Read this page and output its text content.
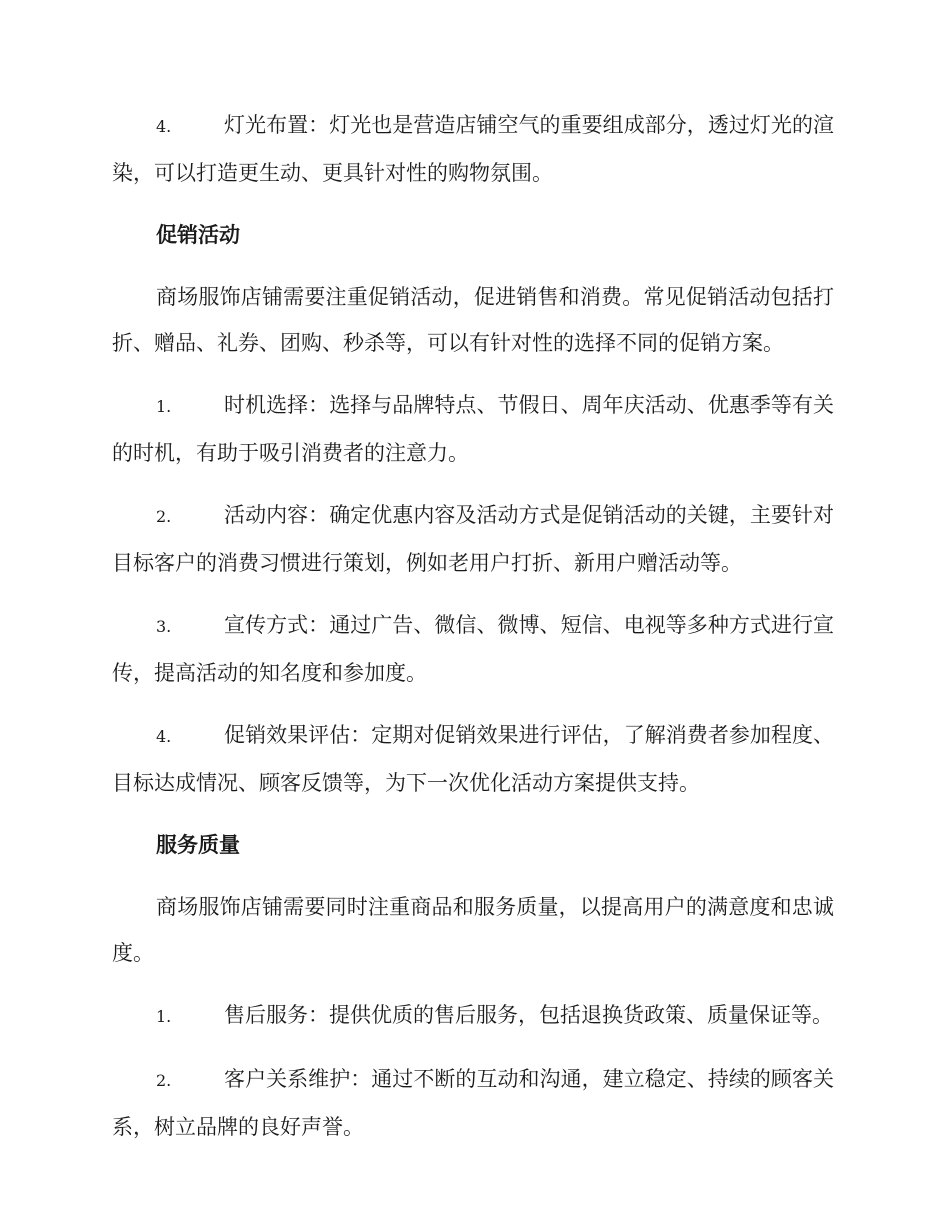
4.	灯光布置：灯光也是营造店铺空气的重要组成部分，透过灯光的渲染，可以打造更生动、更具针对性的购物氛围。

促销活动

商场服饰店铺需要注重促销活动，促进销售和消费。常见促销活动包括打折、赠品、礼券、团购、秒杀等，可以有针对性的选择不同的促销方案。

1.	时机选择：选择与品牌特点、节假日、周年庆活动、优惠季等有关的时机，有助于吸引消费者的注意力。

2.	活动内容：确定优惠内容及活动方式是促销活动的关键，主要针对目标客户的消费习惯进行策划，例如老用户打折、新用户赠活动等。

3.	宣传方式：通过广告、微信、微博、短信、电视等多种方式进行宣传，提高活动的知名度和参加度。

4.	促销效果评估：定期对促销效果进行评估，了解消费者参加程度、目标达成情况、顾客反馈等，为下一次优化活动方案提供支持。

服务质量

商场服饰店铺需要同时注重商品和服务质量，以提高用户的满意度和忠诚度。

1.	售后服务：提供优质的售后服务，包括退换货政策、质量保证等。

2.	客户关系维护：通过不断的互动和沟通，建立稳定、持续的顾客关系，树立品牌的良好声誉。
